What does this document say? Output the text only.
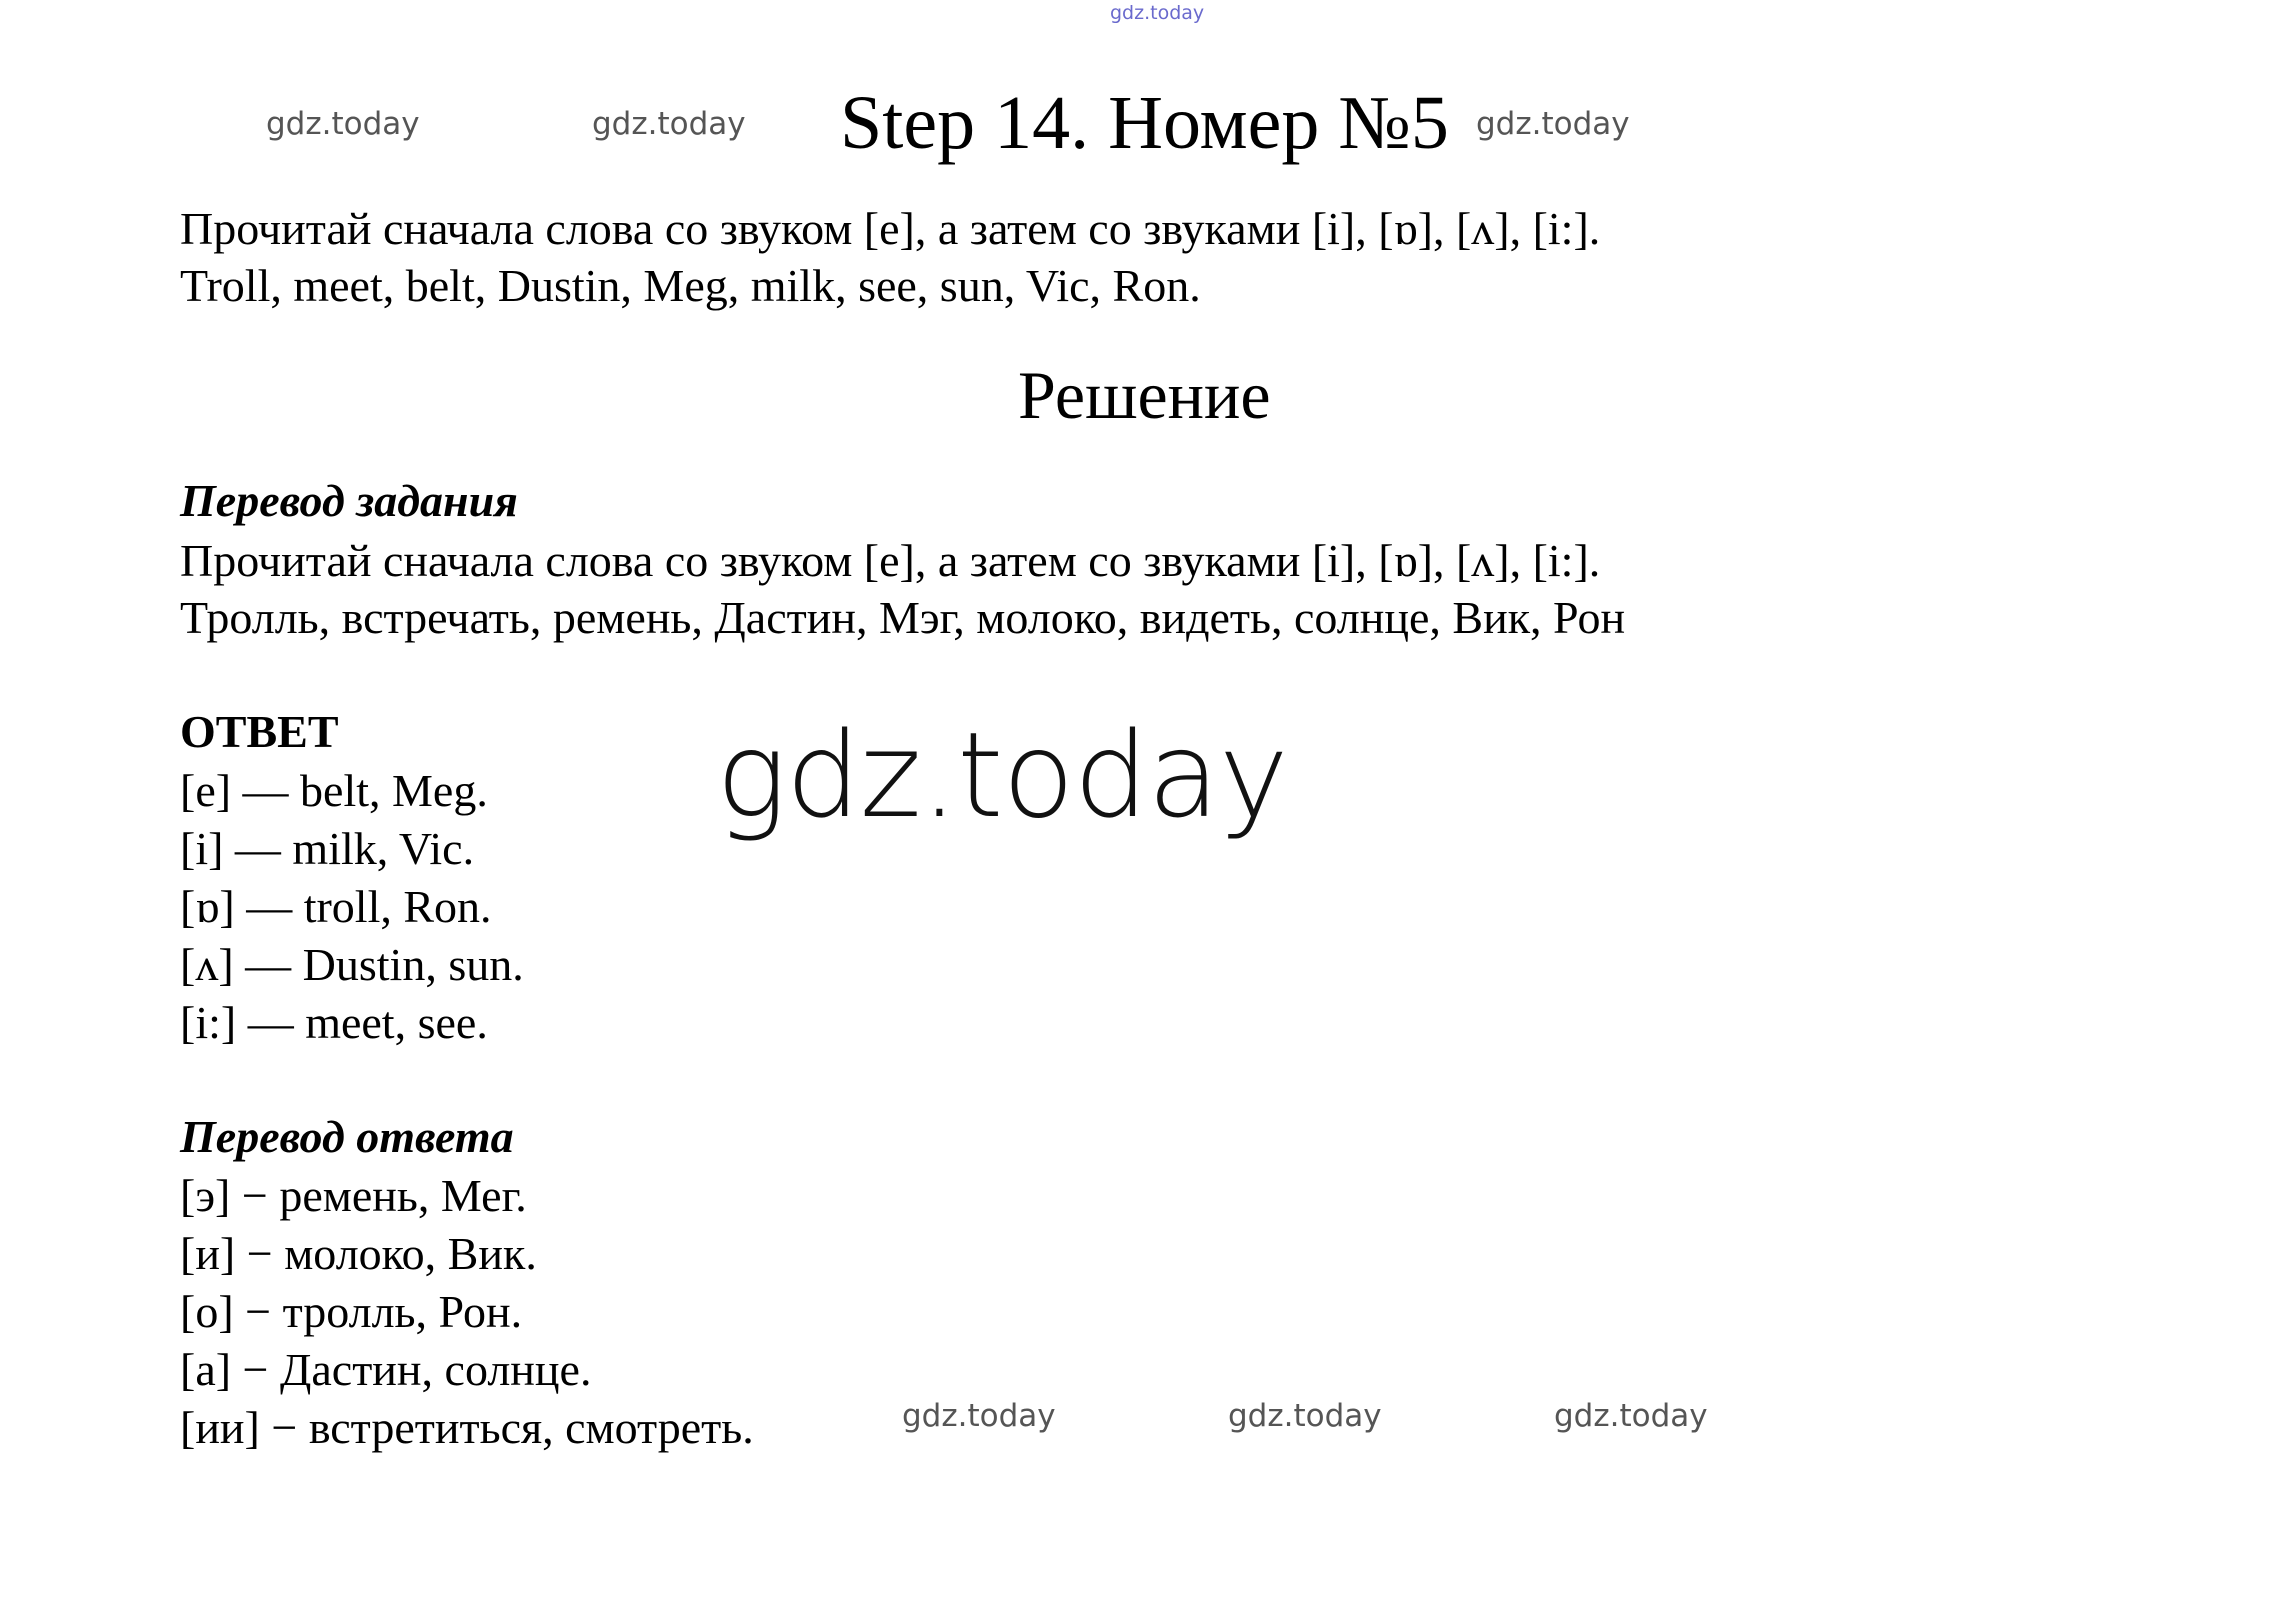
gdz.today
gdz.today	gdz.today	gdz.today
Step 14. Номер №5
Прочитай сначала слова со звуком [e], а затем со звуками [i], [ɒ], [ʌ], [i:].
Troll, meet, belt, Dustin, Meg, milk, see, sun, Vic, Ron.
Решение
Перевод задания
Прочитай сначала слова со звуком [e], а затем со звуками [i], [ɒ], [ʌ], [i:].
Тролль, встречать, ремень, Дастин, Мэг, молоко, видеть, солнце, Вик, Рон
ОТВЕТ
[e] — belt, Meg.
[i] — milk, Vic.
[ɒ] — troll, Ron.
[ʌ] — Dustin, sun.
[i:] — meet, see.
gdz.today
Перевод ответа
[э] − ремень, Мег.
[и] − молоко, Вик.
[о] − тролль, Рон.
[а] − Дастин, солнце.
[ии] − встретиться, смотреть.	gdz.today	gdz.today	gdz.today
